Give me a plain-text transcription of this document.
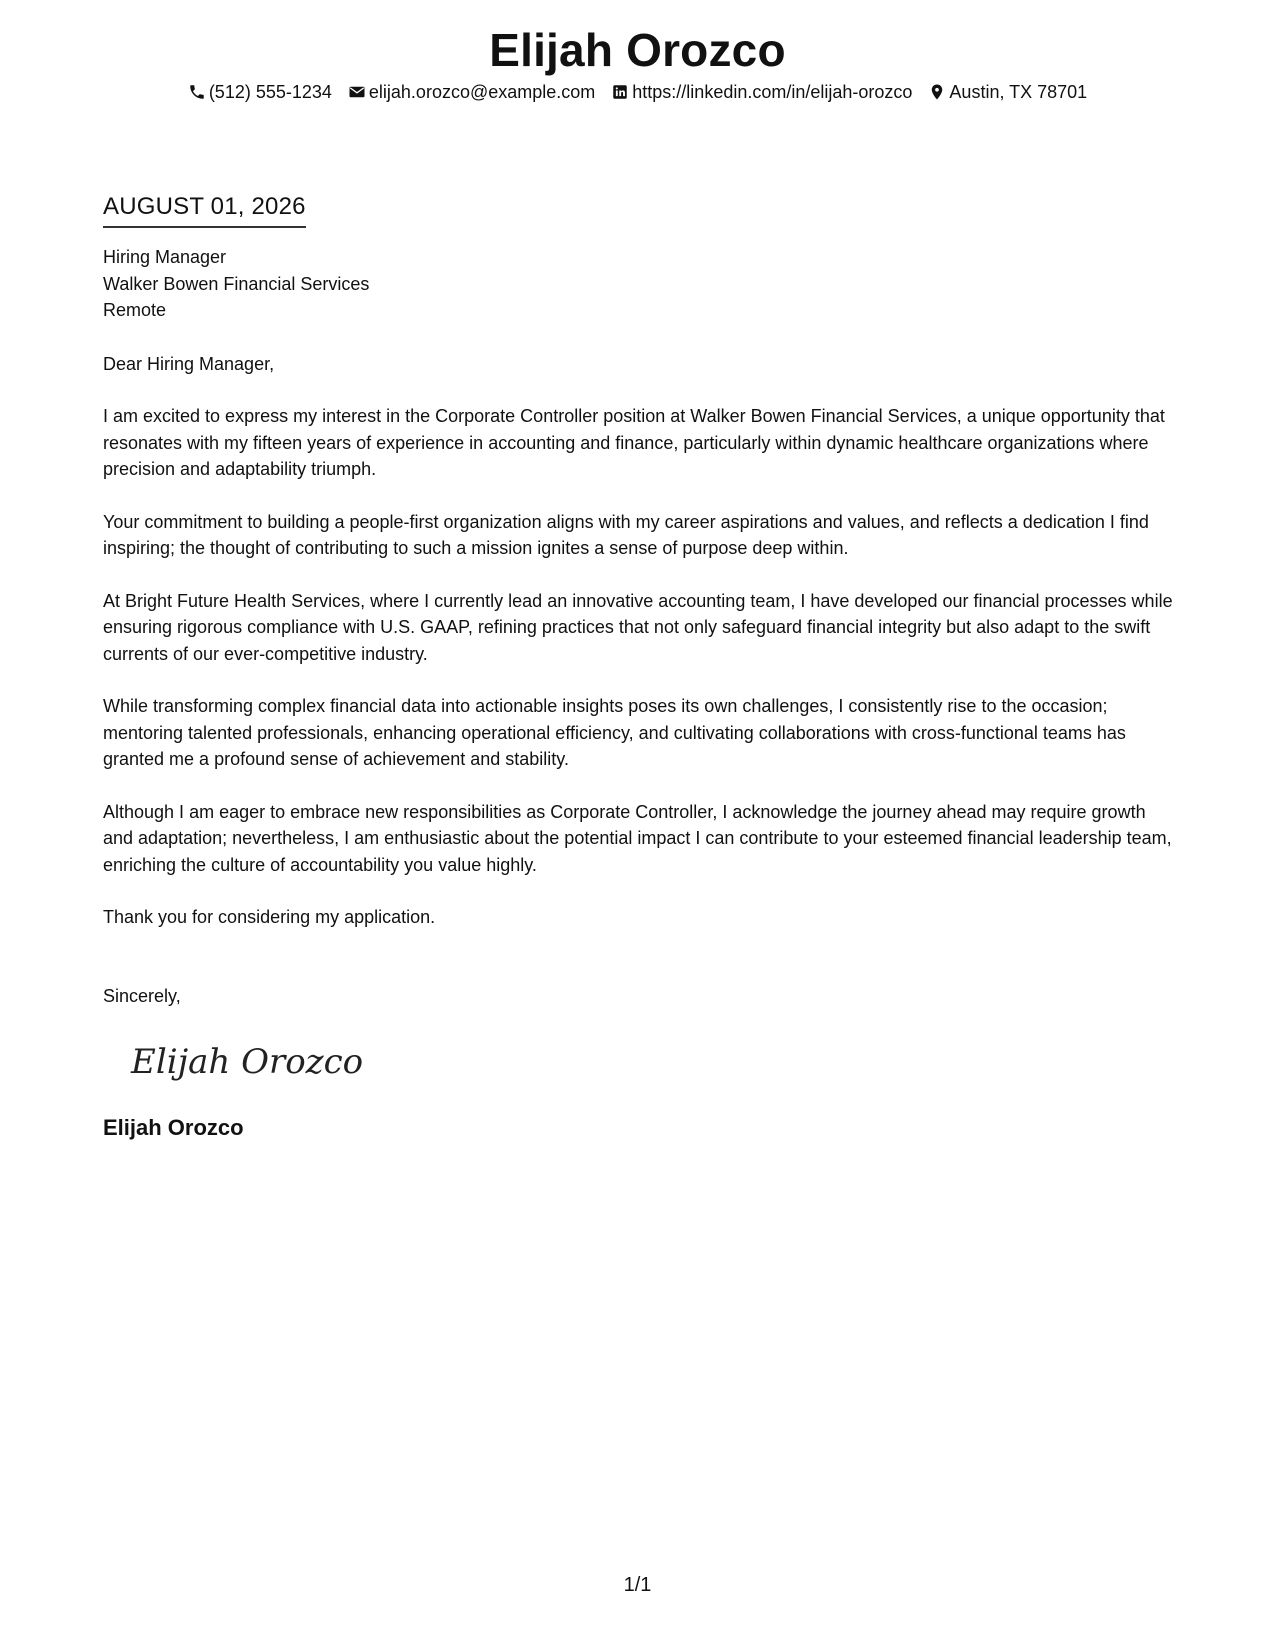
Elijah Orozco
(512) 555-1234 elijah.orozco@example.com https://linkedin.com/in/elijah-orozco Austin, TX 78701
AUGUST 01, 2026
Hiring Manager
Walker Bowen Financial Services
Remote

Dear Hiring Manager,

I am excited to express my interest in the Corporate Controller position at Walker Bowen Financial Services, a unique opportunity that resonates with my fifteen years of experience in accounting and finance, particularly within dynamic healthcare organizations where precision and adaptability triumph.

Your commitment to building a people-first organization aligns with my career aspirations and values, and reflects a dedication I find inspiring; the thought of contributing to such a mission ignites a sense of purpose deep within.

At Bright Future Health Services, where I currently lead an innovative accounting team, I have developed our financial processes while ensuring rigorous compliance with U.S. GAAP, refining practices that not only safeguard financial integrity but also adapt to the swift currents of our ever-competitive industry.

While transforming complex financial data into actionable insights poses its own challenges, I consistently rise to the occasion; mentoring talented professionals, enhancing operational efficiency, and cultivating collaborations with cross-functional teams has granted me a profound sense of achievement and stability.

Although I am eager to embrace new responsibilities as Corporate Controller, I acknowledge the journey ahead may require growth and adaptation; nevertheless, I am enthusiastic about the potential impact I can contribute to your esteemed financial leadership team, enriching the culture of accountability you value highly.

Thank you for considering my application.

Sincerely,

Elijah Orozco
Elijah Orozco
1/1
